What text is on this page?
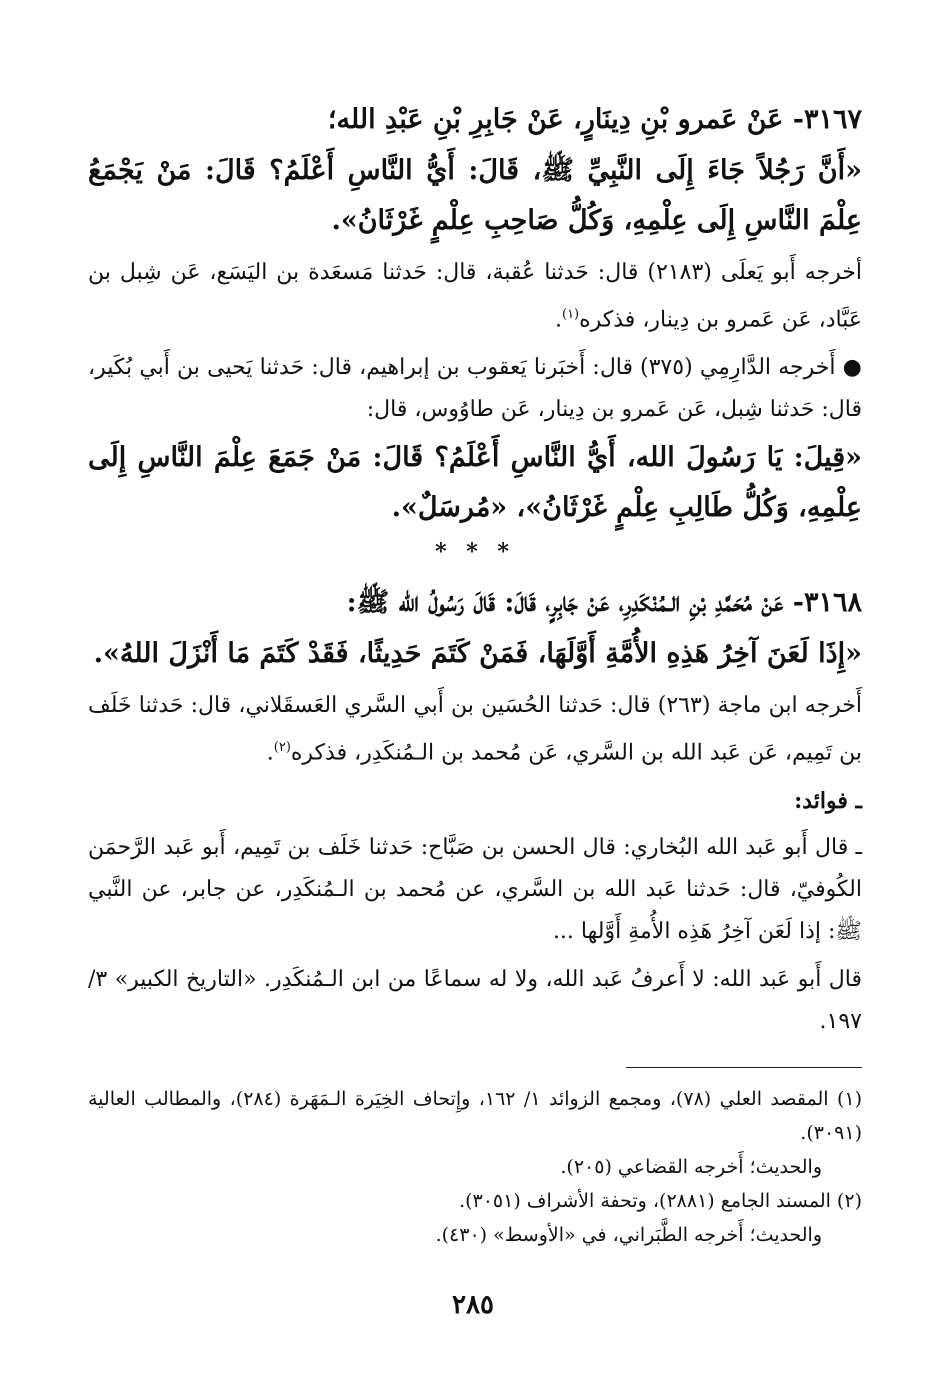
٣١٦٧- عَنْ عَمرو بْنِ دِينَارٍ، عَنْ جَابِرِ بْنِ عَبْدِ الله؛

«أَنَّ رَجُلاً جَاءَ إِلَى النَّبِيِّ ﷺ، قَالَ: أَيُّ النَّاسِ أَعْلَمُ؟ قَالَ: مَنْ يَجْمَعُ عِلْمَ النَّاسِ إِلَى عِلْمِهِ، وَكُلُّ صَاحِبِ عِلْمٍ غَرْثَانُ».

أخرجه أَبو يَعلَى (٢١٨٣) قال: حَدثنا عُقبة، قال: حَدثنا مَسعَدة بن اليَسَع، عَن شِبل بن عَبَّاد، عَن عَمرو بن دِينار، فذكره$^{(١)}$.

● أَخرجه الدَّارِمِي (٣٧٥) قال: أَخبَرنا يَعقوب بن إبراهيم، قال: حَدثنا يَحيى بن أَبي بُكَير، قال: حَدثنا شِبل، عَن عَمرو بن دِينار، عَن طاوُوس، قال:

«قِيلَ: يَا رَسُولَ الله، أَيُّ النَّاسِ أَعْلَمُ؟ قَالَ: مَنْ جَمَعَ عِلْمَ النَّاسِ إِلَى عِلْمِهِ، وَكُلُّ طَالِبِ عِلْمٍ غَرْثَانُ»، «مُرسَلٌ».

* * *

٣١٦٨- عَنْ مُحَمَّدِ بْنِ الـمُنْكَدِرِ، عَنْ جَابِرٍ، قَالَ: قَالَ رَسُولُ الله ﷺ:

«إِذَا لَعَنَ آخِرُ هَذِهِ الأُمَّةِ أَوَّلَهَا، فَمَنْ كَتَمَ حَدِيثًا، فَقَدْ كَتَمَ مَا أَنْزَلَ اللهُ».

أَخرجه ابن ماجة (٢٦٣) قال: حَدثنا الحُسَين بن أَبي السَّري العَسقَلاني، قال: حَدثنا خَلَف بن تَمِيم، عَن عَبد الله بن السَّري، عَن مُحمد بن الـمُنكَدِر، فذكره$^{(٢)}$.

ـ فوائد:

ـ قال أَبو عَبد الله البُخاري: قال الحسن بن صَبَّاح: حَدثنا خَلَف بن تَمِيم، أَبو عَبد الرَّحمَن الكُوفيّ، قال: حَدثنا عَبد الله بن السَّري، عن مُحمد بن الـمُنكَدِر، عن جابر، عن النَّبي ﷺ: إذا لَعَن آخِرُ هَذِه الأُمةِ أَوَّلها ...

قال أَبو عَبد الله: لا أَعرفُ عَبد الله، ولا له سماعًا من ابن الـمُنكَدِر. «التاريخ الكبير» ٣/ ١٩٧.

(١) المقصد العلي (٧٨)، ومجمع الزوائد ١/ ١٦٢، وإِتحاف الخِيَرة الـمَهَرة (٢٨٤)، والمطالب العالية (٣٠٩١).

والحديث؛ أَخرجه القضاعي (٢٠٥).

(٢) المسند الجامع (٢٨٨١)، وتحفة الأشراف (٣٠٥١).

والحديث؛ أَخرجه الطَّبَراني، في «الأوسط» (٤٣٠).

٢٨٥
